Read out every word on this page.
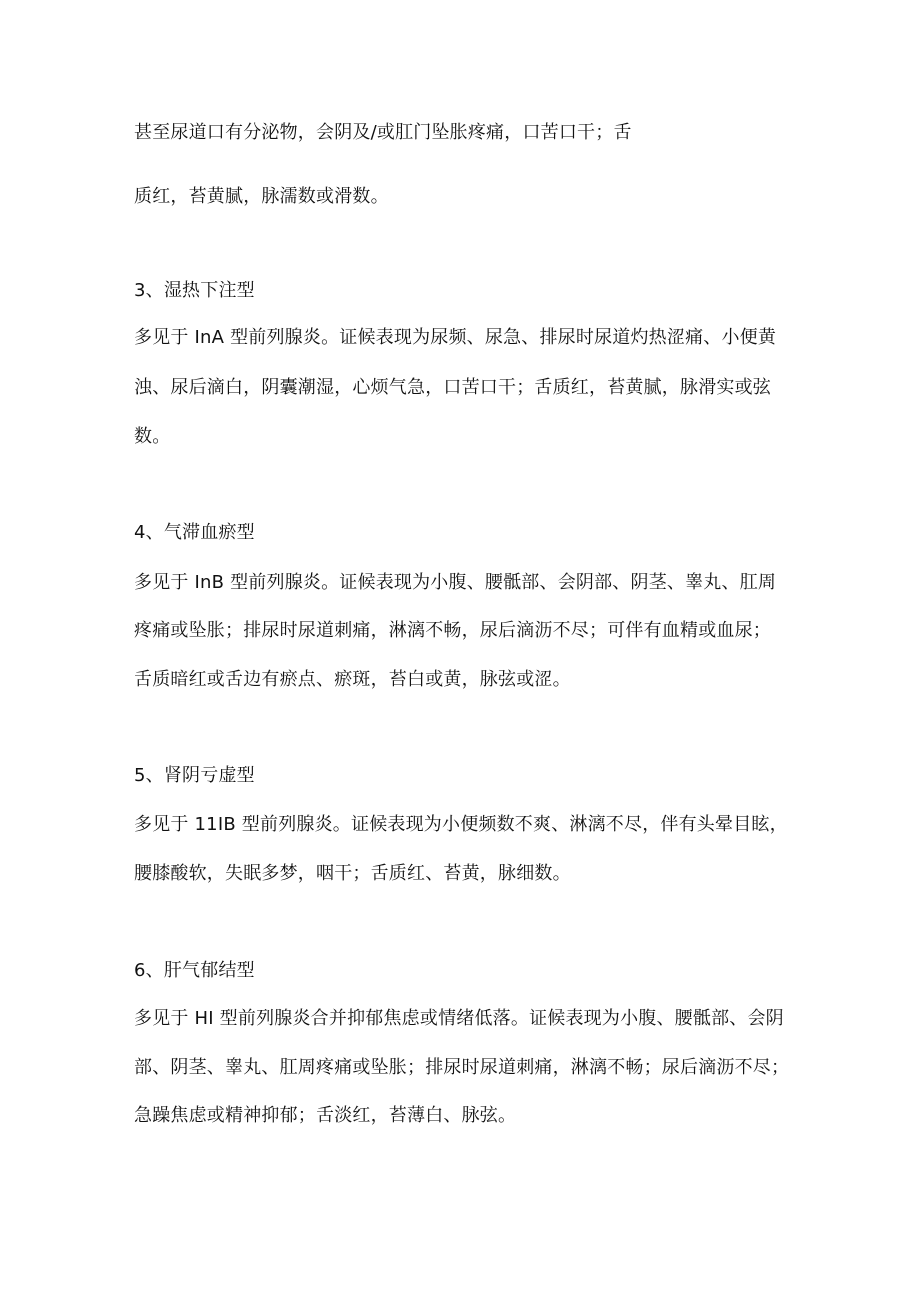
甚至尿道口有分泌物，会阴及/或肛门坠胀疼痛，口苦口干；舌
质红，苔黄腻，脉濡数或滑数。
3、湿热下注型
多见于 InA 型前列腺炎。证候表现为尿频、尿急、排尿时尿道灼热涩痛、小便黄
浊、尿后滴白，阴囊潮湿，心烦气急，口苦口干；舌质红，苔黄腻，脉滑实或弦
数。
4、气滞血瘀型
多见于 InB 型前列腺炎。证候表现为小腹、腰骶部、会阴部、阴茎、睾丸、肛周
疼痛或坠胀；排尿时尿道刺痛，淋漓不畅，尿后滴沥不尽；可伴有血精或血尿；
舌质暗红或舌边有瘀点、瘀斑，苔白或黄，脉弦或涩。
5、肾阴亏虚型
多见于 11IB 型前列腺炎。证候表现为小便频数不爽、淋漓不尽，伴有头晕目眩，
腰膝酸软，失眠多梦，咽干；舌质红、苔黄，脉细数。
6、肝气郁结型
多见于 HI 型前列腺炎合并抑郁焦虑或情绪低落。证候表现为小腹、腰骶部、会阴
部、阴茎、睾丸、肛周疼痛或坠胀；排尿时尿道刺痛，淋漓不畅；尿后滴沥不尽；
急躁焦虑或精神抑郁；舌淡红，苔薄白、脉弦。
